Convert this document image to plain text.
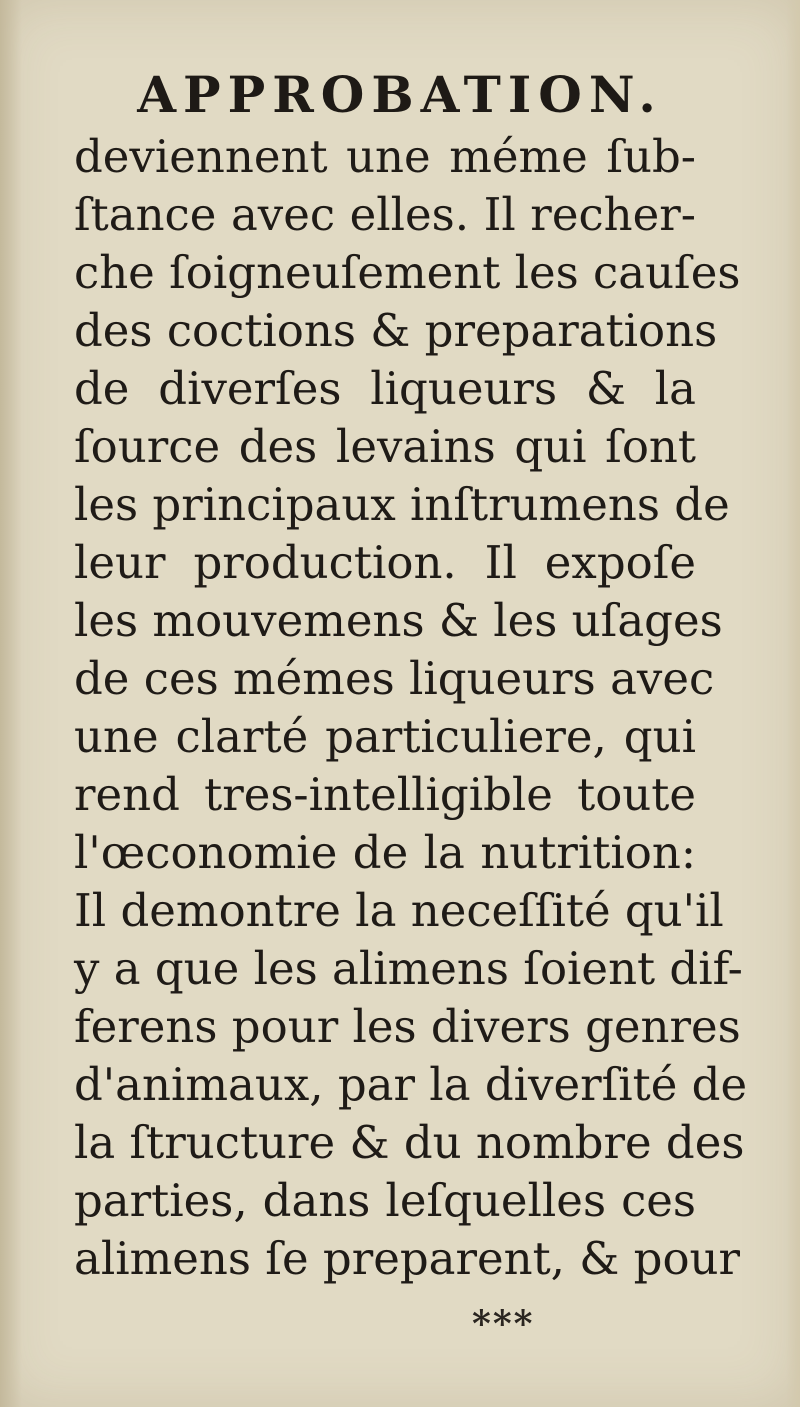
APPROBATION.
deviennent une méme ſub-
ſtance avec elles. Il recher-
che ſoigneuſement les cauſes
des coctions & preparations
de diverſes liqueurs & la
ſource des levains qui ſont
les principaux inſtrumens de
leur production. Il expoſe
les mouvemens & les uſages
de ces mémes liqueurs avec
une clarté particuliere, qui
rend tres-intelligible toute
l'œconomie de la nutrition:
Il demontre la neceſſité qu'il
y a que les alimens ſoient dif-
ferens pour les divers genres
d'animaux, par la diverſité de
la ſtructure & du nombre des
parties, dans leſquelles ces
alimens ſe preparent, & pour
***
